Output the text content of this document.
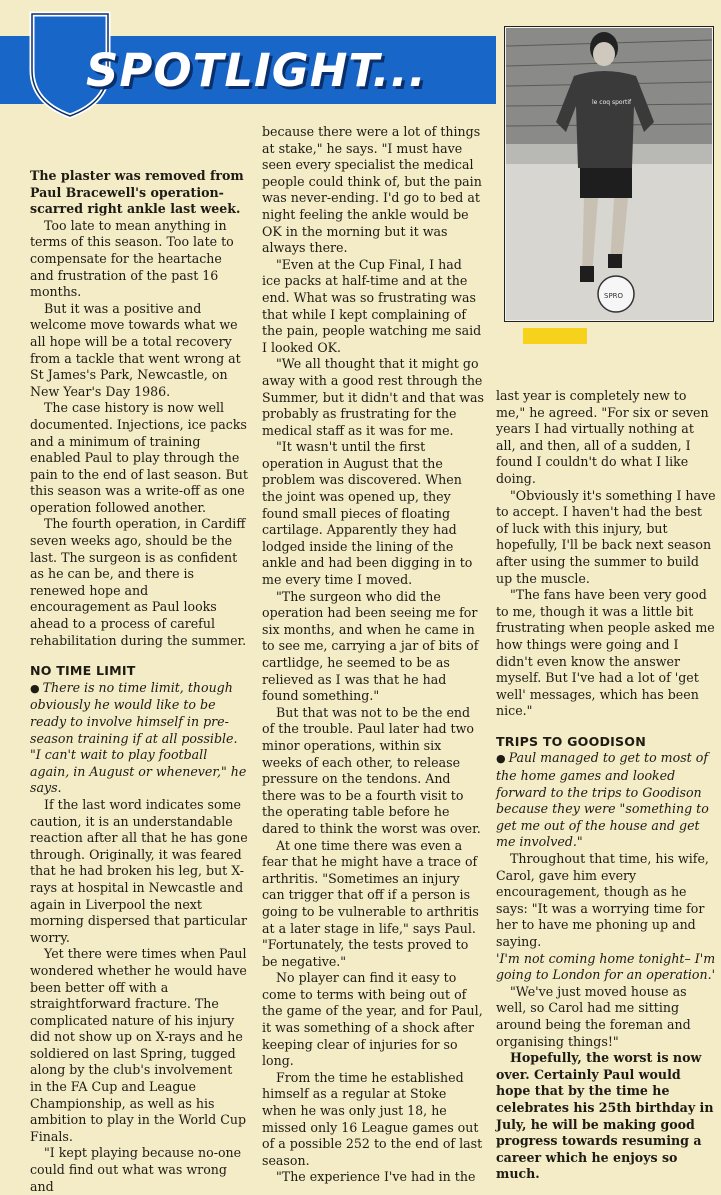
SPOTLIGHT...
le coq sportif
SPRO

The plaster was removed from Paul Bracewell's operation-scarred right ankle last week.

Too late to mean anything in terms of this season. Too late to compensate for the heartache and frustration of the past 16 months.

But it was a positive and welcome move towards what we all hope will be a total recovery from a tackle that went wrong at St James's Park, Newcastle, on New Year's Day 1986.

The case history is now well documented. Injections, ice packs and a minimum of training enabled Paul to play through the pain to the end of last season. But this season was a write-off as one operation followed another.

The fourth operation, in Cardiff seven weeks ago, should be the last. The surgeon is as confident as he can be, and there is renewed hope and encouragement as Paul looks ahead to a process of careful rehabilitation during the summer.

NO TIME LIMIT

● There is no time limit, though obviously he would like to be ready to involve himself in pre-season training if at all possible. "I can't wait to play football again, in August or whenever," he says.

If the last word indicates some caution, it is an understandable reaction after all that he has gone through. Originally, it was feared that he had broken his leg, but X-rays at hospital in Newcastle and again in Liverpool the next morning dispersed that particular worry.

Yet there were times when Paul wondered whether he would have been better off with a straightforward fracture. The complicated nature of his injury did not show up on X-rays and he soldiered on last Spring, tugged along by the club's involvement in the FA Cup and League Championship, as well as his ambition to play in the World Cup Finals.

"I kept playing because no-one could find out what was wrong and

because there were a lot of things at stake," he says. "I must have seen every specialist the medical people could think of, but the pain was never-ending. I'd go to bed at night feeling the ankle would be OK in the morning but it was always there.

"Even at the Cup Final, I had ice packs at half-time and at the end. What was so frustrating was that while I kept complaining of the pain, people watching me said I looked OK.

"We all thought that it might go away with a good rest through the Summer, but it didn't and that was probably as frustrating for the medical staff as it was for me.

"It wasn't until the first operation in August that the problem was discovered. When the joint was opened up, they found small pieces of floating cartilage. Apparently they had lodged inside the lining of the ankle and had been digging in to me every time I moved.

"The surgeon who did the operation had been seeing me for six months, and when he came in to see me, carrying a jar of bits of cartlidge, he seemed to be as relieved as I was that he had found something."

But that was not to be the end of the trouble. Paul later had two minor operations, within six weeks of each other, to release pressure on the tendons. And there was to be a fourth visit to the operating table before he dared to think the worst was over.

At one time there was even a fear that he might have a trace of arthritis. "Sometimes an injury can trigger that off if a person is going to be vulnerable to arthritis at a later stage in life," says Paul. "Fortunately, the tests proved to be negative."

No player can find it easy to come to terms with being out of the game of the year, and for Paul, it was something of a shock after keeping clear of injuries for so long.

From the time he established himself as a regular at Stoke when he was only just 18, he missed only 16 League games out of a possible 252 to the end of last season.

"The experience I've had in the

last year is completely new to me," he agreed. "For six or seven years I had virtually nothing at all, and then, all of a sudden, I found I couldn't do what I like doing.

"Obviously it's something I have to accept. I haven't had the best of luck with this injury, but hopefully, I'll be back next season after using the summer to build up the muscle.

"The fans have been very good to me, though it was a little bit frustrating when people asked me how things were going and I didn't even know the answer myself. But I've had a lot of 'get well' messages, which has been nice."

TRIPS TO GOODISON

● Paul managed to get to most of the home games and looked forward to the trips to Goodison because they were "something to get me out of the house and get me involved."

Throughout that time, his wife, Carol, gave him every encouragement, though as he says: "It was a worrying time for her to have me phoning up and saying.

'I'm not coming home tonight– I'm going to London for an operation.'

"We've just moved house as well, so Carol had me sitting around being the foreman and organising things!"

Hopefully, the worst is now over. Certainly Paul would hope that by the time he celebrates his 25th birthday in July, he will be making good progress towards resuming a career which he enjoys so much.
